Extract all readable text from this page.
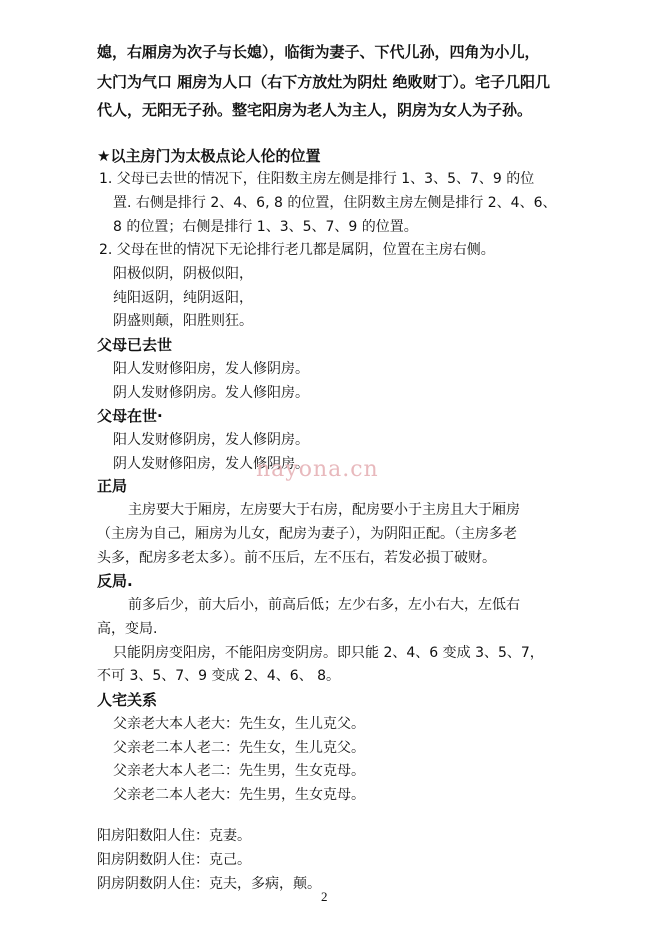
媳，右厢房为次子与长媳），临街为妻子、下代儿孙，四角为小儿，
大门为气口 厢房为人口（右下方放灶为阴灶 绝败财丁）。宅子几阳几
代人，无阳无子孙。整宅阳房为老人为主人，阴房为女人为子孙。
★以主房门为太极点论人伦的位置
1. 父母已去世的情况下，住阳数主房左侧是排行 1、3、5、7、9 的位
置. 右侧是排行 2、4、6, 8 的位置，住阴数主房左侧是排行 2、4、6、
8 的位置；右侧是排行 1、3、5、7、9 的位置。
2. 父母在世的情况下无论排行老几都是属阴，位置在主房右侧。
阳极似阴，阴极似阳，
纯阳返阴，纯阴返阳，
阴盛则颠，阳胜则狂。
父母已去世
阳人发财修阳房，发人修阴房。
阴人发财修阴房。发人修阳房。
父母在世·
阳人发财修阴房，发人修阴房。
阴人发财修阳房，发人修阴房。
正局
主房要大于厢房，左房要大于右房，配房要小于主房且大于厢房
（主房为自己，厢房为儿女，配房为妻子），为阴阳正配。（主房多老
头多，配房多老太多）。前不压后，左不压右，若发必损丁破财。
反局.
前多后少，前大后小，前高后低；左少右多，左小右大，左低右
高，变局.
只能阴房变阳房，不能阳房变阴房。即只能 2、4、6 变成 3、5、7，
不可 3、5、7、9 变成 2、4、6、 8。
人宅关系
父亲老大本人老大：先生女，生儿克父。
父亲老二本人老二：先生女，生儿克父。
父亲老大本人老二：先生男，生女克母。
父亲老二本人老大：先生男，生女克母。
阳房阳数阳人住：克妻。
阳房阴数阴人住：克己。
阴房阴数阴人住：克夫，多病，颠。
nayona.cn
2
